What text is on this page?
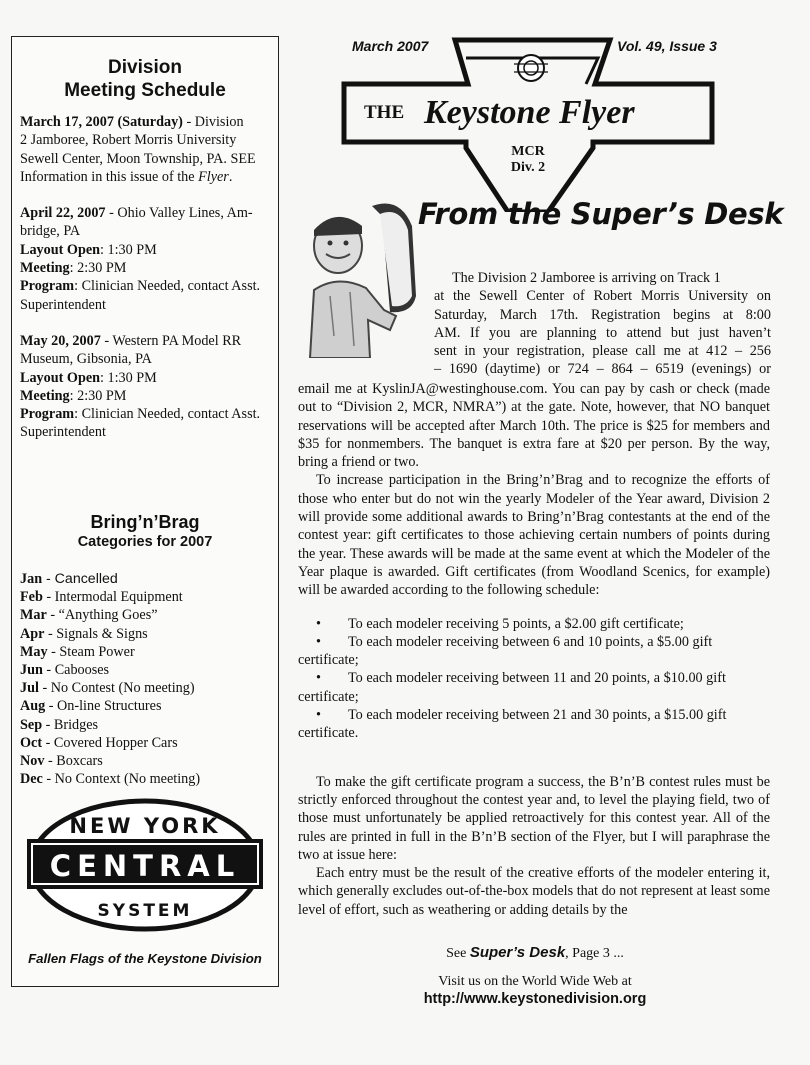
Division
Meeting Schedule

March 17, 2007 (Saturday) - Division
2 Jamboree, Robert Morris University
Sewell Center, Moon Township, PA. SEE
Information in this issue of the Flyer.

April 22, 2007 - Ohio Valley Lines, Am-
bridge, PA
Layout Open: 1:30 PM
Meeting: 2:30 PM
Program: Clinician Needed, contact Asst.
Superintendent

May 20, 2007 - Western PA Model RR
Museum, Gibsonia, PA
Layout Open: 1:30 PM
Meeting: 2:30 PM
Program: Clinician Needed, contact Asst.
Superintendent

Bring’n’Brag
Categories for 2007
Jan - Cancelled
Feb - Intermodal Equipment
Mar - “Anything Goes”
Apr - Signals & Signs
May - Steam Power
Jun - Cabooses
Jul - No Contest (No meeting)
Aug - On-line Structures
Sep - Bridges
Oct - Covered Hopper Cars
Nov - Boxcars
Dec - No Context (No meeting)
Fallen Flags of the Keystone Division
NEW YORK
CENTRAL
SYSTEM
March 2007	Vol. 49, Issue 3
THE Keystone Flyer
MCR
Div. 2
From the Super’s Desk
The Division 2 Jamboree is arriving on Track 1
at the Sewell Center of Robert Morris University on
Saturday, March 17th. Registration begins at 8:00
AM. If you are planning to attend but just haven’t
sent in your registration, please call me at 412 – 256
– 1690 (daytime) or 724 – 864 – 6519 (evenings) or

email me at KyslinJA@westinghouse.com. You can pay by cash or check (made out to “Division 2, MCR, NMRA”) at the gate. Note, however, that NO banquet reservations will be accepted after March 10th. The price is $25 for members and $35 for nonmembers. The banquet is extra fare at $20 per person. By the way, bring a friend or two.

To increase participation in the Bring’n’Brag and to recognize the efforts of those who enter but do not win the yearly Modeler of the Year award, Division 2 will provide some additional awards to Bring’n’Brag contestants at the end of the contest year: gift certificates to those achieving certain numbers of points during the year. These awards will be made at the same event at which the Modeler of the Year plaque is awarded. Gift certificates (from Woodland Scenics, for example) will be awarded according to the following schedule:

•	To each modeler receiving 5 points, a $2.00 gift certificate;
•	To each modeler receiving between 6 and 10 points, a $5.00 gift
certificate;
•	To each modeler receiving between 11 and 20 points, a $10.00 gift
certificate;
•	To each modeler receiving between 21 and 30 points, a $15.00 gift
certificate.

To make the gift certificate program a success, the B’n’B contest rules must be strictly enforced throughout the contest year and, to level the playing field, two of those must unfortunately be applied retroactively for this contest year. All of the rules are printed in full in the B’n’B section of the Flyer, but I will paraphrase the two at issue here:

Each entry must be the result of the creative efforts of the modeler entering it, which generally excludes out-of-the-box models that do not represent at least some level of effort, such as weathering or adding details by the

See Super’s Desk, Page 3 ...
Visit us on the World Wide Web at
http://www.keystonedivision.org
